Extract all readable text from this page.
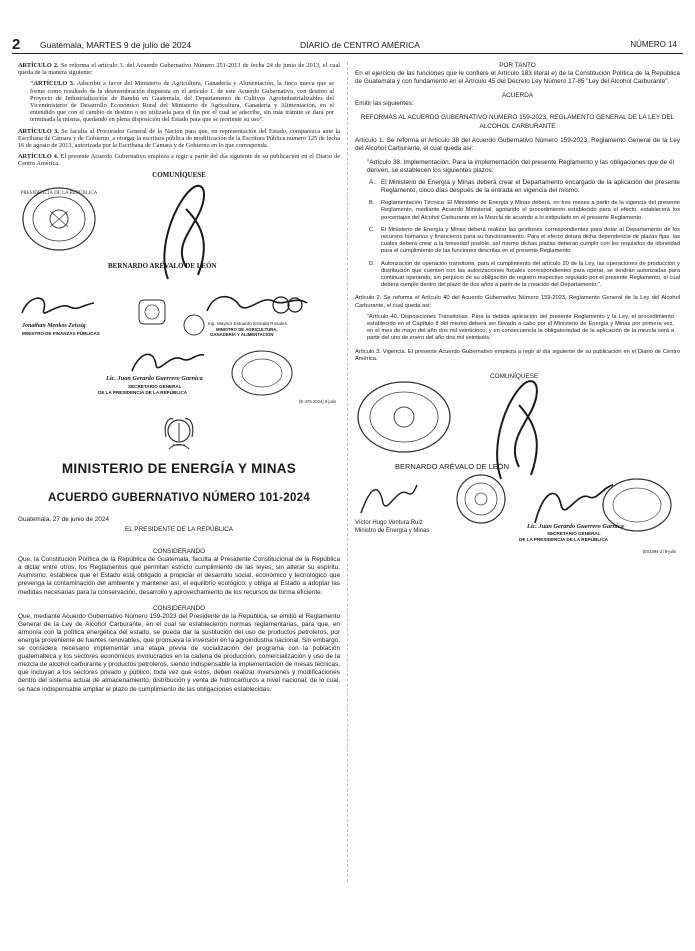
2 Guatemala, MARTES 9 de julio de 2024	DIARIO de CENTRO AMÉRICA	NÚMERO 14

ARTÍCULO 2. Se reforma el artículo 3. del Acuerdo Gubernativo Número 251-2013 de fecha 24 de junio de 2013, el cual queda de la manera siguiente:

"ARTÍCULO 3. Adscribir a favor del Ministerio de Agricultura, Ganadería y Alimentación, la finca nueva que se forme como resultado de la desmembración dispuesta en el artículo 1. de este Acuerdo Gubernativo, con destino al Proyecto de Industrialización de Bambú en Guatemala, del Departamento de Cultivos Agroindustrializables del Viceministerio de Desarrollo Económico Rural del Ministerio de Agricultura, Ganadería y Alimentación, en el entendido que con el cambio de destino o no utilizarla para el fin por el cual se adscribe, sin más trámite se dará por terminada la misma, quedando en plena disposición del Estado para que se reoriente su uso".

ARTÍCULO 3. Se faculta al Procurador General de la Nación para que, en representación del Estado, comparezca ante la Escribana de Cámara y de Gobierno, a otorgar la escritura pública de modificación de la Escritura Pública número 125 de fecha 16 de agosto de 2013, autorizada por la Escribana de Cámara y de Gobierno en lo que corresponda.

ARTÍCULO 4. El presente Acuerdo Gubernativo empieza a regir a partir del día siguiente de su publicación en el Diario de Centro América.

COMUNÍQUESE
PRESIDENCIA DE LA REPÚBLICA
BERNARDO ARÉVALO DE LEÓN
Jonathan Menkos Zeissig
MINISTRO DE FINANZAS PÚBLICAS
Ing. Maynor Estuardo Estrada Rosales
MINISTRO DE AGRICULTURA,
GANADERÍA Y ALIMENTACIÓN
Lic. Juan Gerardo Guerrero Garnica
SECRETARIO GENERAL
DE LA PRESIDENCIA DE LA REPÚBLICA
(E-475-2024) 9-julio
MINISTERIO DE ENERGÍA Y MINAS
ACUERDO GUBERNATIVO NÚMERO 101-2024
Guatemala, 27 de junio de 2024
EL PRESIDENTE DE LA REPÚBLICA
CONSIDERANDO

Que, la Constitución Política de la República de Guatemala, faculta al Presidente Constitucional de la República a dictar entre otros, los Reglamentos que permitan estricto cumplimiento de las leyes, sin alterar su espíritu. Asimismo, establece que el Estado está obligado a propiciar el desarrollo social, económico y tecnológico que prevenga la contaminación del ambiente y mantener así, el equilibrio ecológico; y obliga al Estado a adoptar las medidas necesarias para la conservación, desarrollo y aprovechamiento de los recursos de forma eficiente.

CONSIDERANDO

Que, mediante Acuerdo Gubernativo Número 159-2023 del Presidente de la República, se emitió el Reglamento General de la Ley de Alcohol Carburante, en el cual se establecieron normas reglamentarias, para que, en armonía con la política energética del estado, se pueda dar la sustitución del uso de productos petroleros, por energía proveniente de fuentes renovables, que promueva la inversión en la agroindustria nacional. Sin embargo, se considera necesario implementar una etapa previa de socialización del programa con la población guatemalteca y los sectores económicos involucrados en la cadena de producción, comercialización y uso de la mezcla de alcohol carburante y productos petroleros, siendo indispensable la implementación de mesas técnicas, que incluyan a los sectores privado y público; toda vez que estos, deben realizar inversiones y modificaciones dentro del sistema actual de almacenamiento, distribución y venta de hidrocarburos a nivel nacional; de lo cual, se hace indispensable ampliar el plazo de cumplimiento de las obligaciones establecidas.

POR TANTO

En el ejercicio de las funciones que le confiere el Artículo 183 literal e) de la Constitución Política de la República de Guatemala y con fundamento en el Artículo 45 del Decreto Ley Número 17-85 "Ley del Alcohol Carburante".

ACUERDA

Emitir las siguientes:

REFORMAS AL ACUERDO GUBERNATIVO NÚMERO 159-2023, REGLAMENTO GENERAL DE LA LEY DEL ALCOHOL CARBURANTE

Artículo 1. Se reforma el Artículo 38 del Acuerdo Gubernativo Número 159-2023, Reglamento General de la Ley del Alcohol Carburante, el cual queda así:

"Artículo 38. Implementación. Para la implementación del presente Reglamento y las obligaciones que de él deriven, se establecen los siguientes plazos:

A. El Ministerio de Energía y Minas deberá crear el Departamento encargado de la aplicación del presente Reglamento, cinco días después de la entrada en vigencia del mismo.
B.	Reglamentación Técnica: El Ministerio de Energía y Minas deberá, en tres meses a partir de la vigencia del presente Reglamento, mediante Acuerdo Ministerial, agotando el procedimiento establecido para el efecto, establecerá los porcentajes del Alcohol Carburante en la Mezcla de acuerdo a lo estipulado en el presente Reglamento.
C.	El Ministerio de Energía y Minas deberá realizar las gestiones correspondientes para dotar al Departamento de los recursos humanos y financieros para su funcionamiento. Para el efecto dotará dicha dependencia de plazas fijas; las cuales deberá crear a la brevedad posible, así mismo dichas plazas deberán cumplir con los requisitos de idoneidad para el cumplimiento de las funciones descritas en el presente Reglamento.
D.	Autorización de operación transitoria: para el cumplimiento del artículo 20 de la Ley, las operaciones de producción y distribución que cuenten con las autorizaciones fiscales correspondientes para operar, se tendrán autorizadas para continuar operando, sin perjuicio de su obligación de registro respectivo regulado por el presente Reglamento, el cual deberá cumplir dentro del plazo de dos años a partir de la creación del Departamento.".

Artículo 2. Se reforma el Artículo 40 del Acuerdo Gubernativo Número 159-2023, Reglamento General de la Ley del Alcohol Carburante, el cual queda así:

"Artículo 40. Disposiciones Transitorias. Para la debida aplicación del presente Reglamento y la Ley, el procedimiento establecido en el Capítulo II del mismo deberá ser llevado a cabo por el Ministerio de Energía y Minas por primera vez, en el mes de mayo del año dos mil veinticinco, y en consecuencia la obligatoriedad de la aplicación de la mezcla será a partir del uno de enero del año dos mil veintiséis.

Artículo 3. Vigencia. El presente Acuerdo Gubernativo empieza a regir al día siguiente de su publicación en el Diario de Centro América.

COMUNÍQUESE
BERNARDO ARÉVALO DE LEÓN
Víctor Hugo Ventura Ruiz
Ministro de Energía y Minas
Lic. Juan Gerardo Guerrero Garnica
SECRETARIO GENERAL
DE LA PRESIDENCIA DE LA REPÚBLICA
(E01494-2) 9-julio
